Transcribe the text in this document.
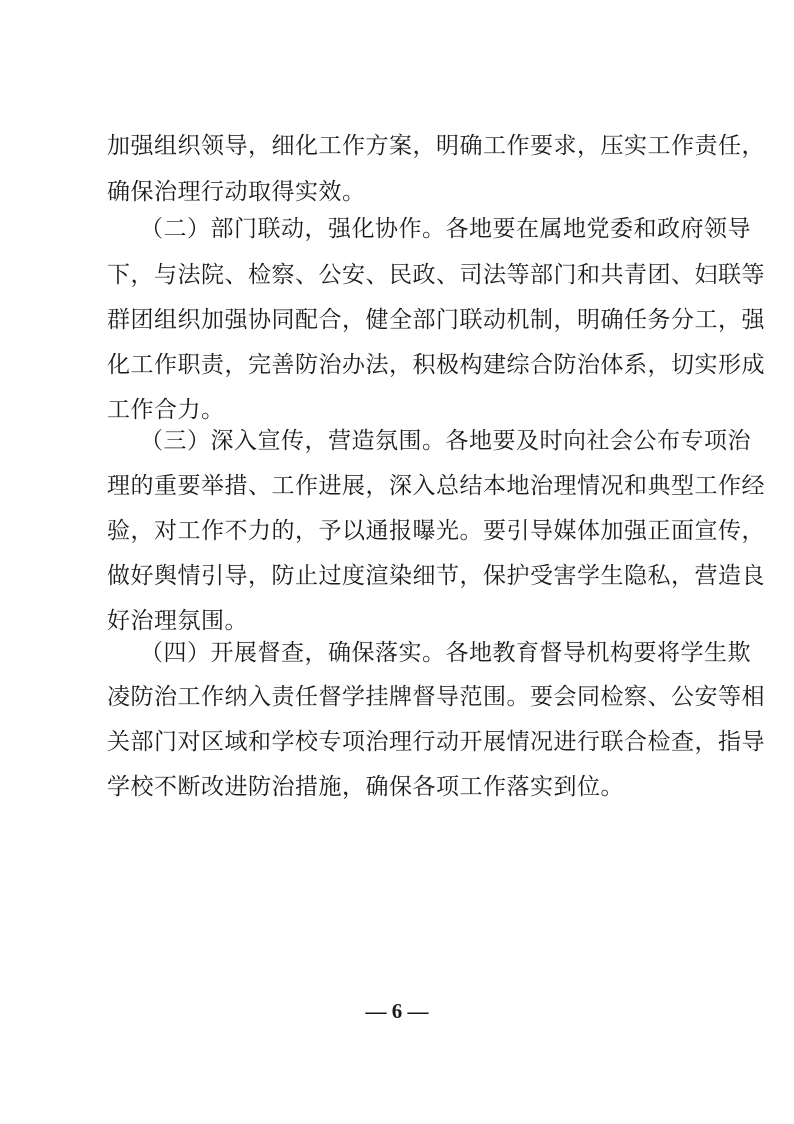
加强组织领导，细化工作方案，明确工作要求，压实工作责任，
确保治理行动取得实效。
（二）部门联动，强化协作。各地要在属地党委和政府领导
下，与法院、检察、公安、民政、司法等部门和共青团、妇联等
群团组织加强协同配合，健全部门联动机制，明确任务分工，强
化工作职责，完善防治办法，积极构建综合防治体系，切实形成
工作合力。
（三）深入宣传，营造氛围。各地要及时向社会公布专项治
理的重要举措、工作进展，深入总结本地治理情况和典型工作经
验，对工作不力的，予以通报曝光。要引导媒体加强正面宣传，
做好舆情引导，防止过度渲染细节，保护受害学生隐私，营造良
好治理氛围。
（四）开展督查，确保落实。各地教育督导机构要将学生欺
凌防治工作纳入责任督学挂牌督导范围。要会同检察、公安等相
关部门对区域和学校专项治理行动开展情况进行联合检查，指导
学校不断改进防治措施，确保各项工作落实到位。
— 6 —
